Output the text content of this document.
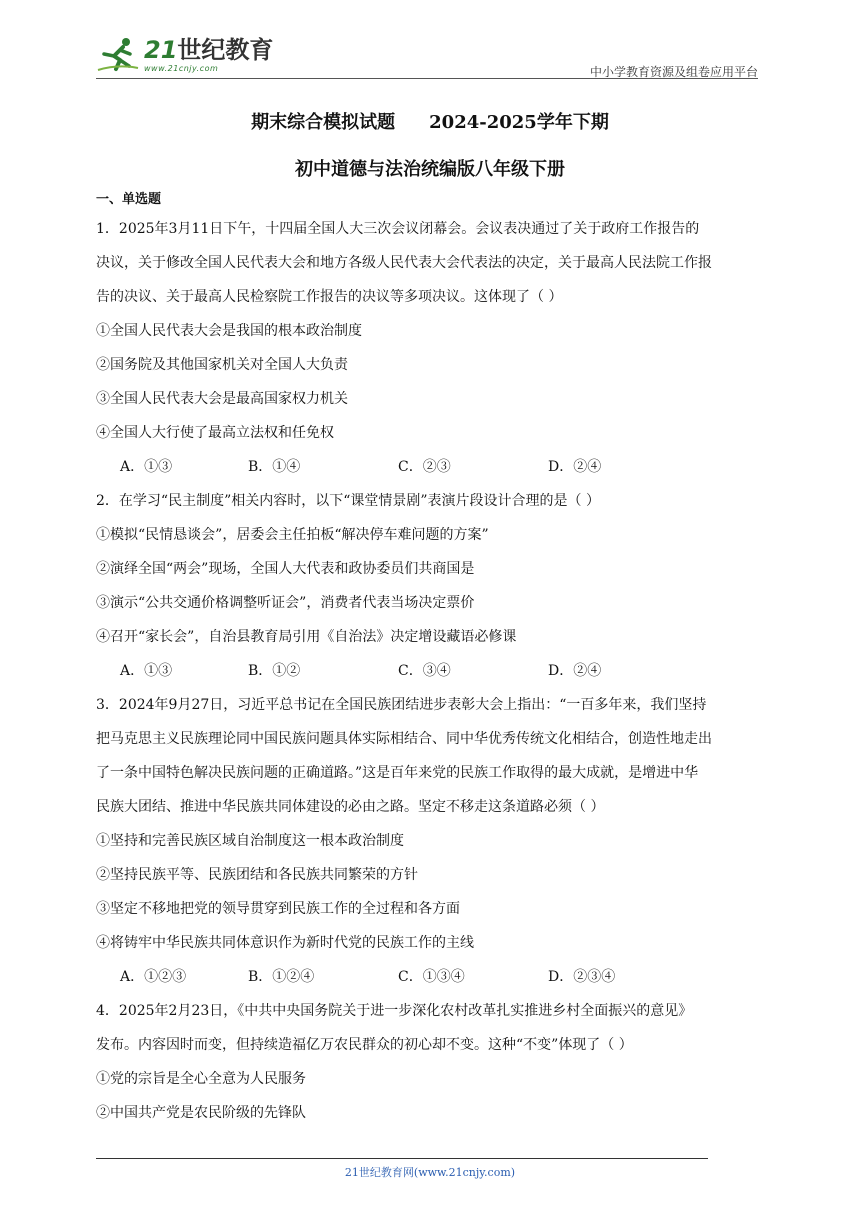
21世纪教育
www.21cnjy.com	中小学教育资源及组卷应用平台
期末综合模拟试题 2024-2025学年下期
初中道德与法治统编版八年级下册
一、单选题
1．2025年3月11日下午，十四届全国人大三次会议闭幕会。会议表决通过了关于政府工作报告的
决议，关于修改全国人民代表大会和地方各级人民代表大会代表法的决定，关于最高人民法院工作报
告的决议、关于最高人民检察院工作报告的决议等多项决议。这体现了（ ）
①全国人民代表大会是我国的根本政治制度
②国务院及其他国家机关对全国人大负责
③全国人民代表大会是最高国家权力机关
④全国人大行使了最高立法权和任免权
A．①③	B．①④	C．②③	D．②④
2．在学习“民主制度”相关内容时，以下“课堂情景剧”表演片段设计合理的是（ ）
①模拟“民情恳谈会”，居委会主任拍板“解决停车难问题的方案”
②演绎全国“两会”现场，全国人大代表和政协委员们共商国是
③演示“公共交通价格调整听证会”，消费者代表当场决定票价
④召开“家长会”，自治县教育局引用《自治法》决定增设藏语必修课
A．①③	B．①②	C．③④	D．②④
3．2024年9月27日，习近平总书记在全国民族团结进步表彰大会上指出：“一百多年来，我们坚持
把马克思主义民族理论同中国民族问题具体实际相结合、同中华优秀传统文化相结合，创造性地走出
了一条中国特色解决民族问题的正确道路。”这是百年来党的民族工作取得的最大成就，是增进中华
民族大团结、推进中华民族共同体建设的必由之路。坚定不移走这条道路必须（ ）
①坚持和完善民族区域自治制度这一根本政治制度
②坚持民族平等、民族团结和各民族共同繁荣的方针
③坚定不移地把党的领导贯穿到民族工作的全过程和各方面
④将铸牢中华民族共同体意识作为新时代党的民族工作的主线
A．①②③	B．①②④	C．①③④	D．②③④
4．2025年2月23日，《中共中央国务院关于进一步深化农村改革扎实推进乡村全面振兴的意见》
发布。内容因时而变，但持续造福亿万农民群众的初心却不变。这种“不变”体现了（ ）
①党的宗旨是全心全意为人民服务
②中国共产党是农民阶级的先锋队
21世纪教育网(www.21cnjy.com)
